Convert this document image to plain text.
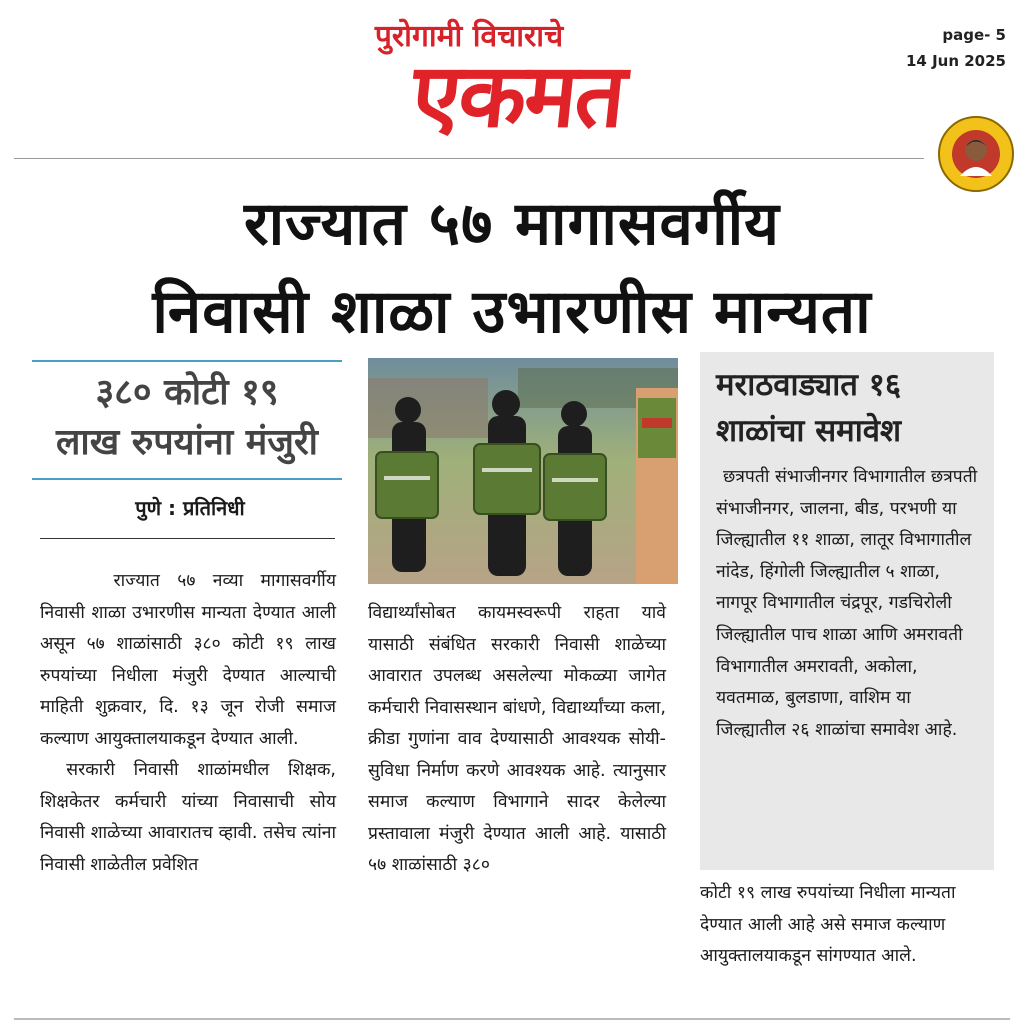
पुरोगामी विचाराचे
एकमत
page- 5
14 Jun 2025
राज्यात ५७ मागासवर्गीय
निवासी शाळा उभारणीस मान्यता
३८० कोटी १९
लाख रुपयांना मंजुरी
पुणे : प्रतिनिधी
मराठवाड्यात १६
शाळांचा समावेश

छत्रपती संभाजीनगर विभागातील छत्रपती संभाजीनगर, जालना, बीड, परभणी या जिल्ह्यातील ११ शाळा, लातूर विभागातील नांदेड, हिंगोली जिल्ह्यातील ५ शाळा, नागपूर विभागातील चंद्रपूर, गडचिरोली जिल्ह्यातील पाच शाळा आणि अमरावती विभागातील अमरावती, अकोला, यवतमाळ, बुलडाणा, वाशिम या जिल्ह्यातील २६ शाळांचा समावेश आहे.

राज्यात ५७ नव्या मागासवर्गीय निवासी शाळा उभारणीस मान्यता देण्यात आली असून ५७ शाळांसाठी ३८० कोटी १९ लाख रुपयांच्या निधीला मंजुरी देण्यात आल्याची माहिती शुक्रवार, दि. १३ जून रोजी समाज कल्याण आयुक्तालयाकडून देण्यात आली.

सरकारी निवासी शाळांमधील शिक्षक, शिक्षकेतर कर्मचारी यांच्या निवासाची सोय निवासी शाळेच्या आवारातच व्हावी. तसेच त्यांना निवासी शाळेतील प्रवेशित

विद्यार्थ्यांसोबत कायमस्वरूपी राहता यावे यासाठी संबंधित सरकारी निवासी शाळेच्या आवारात उपलब्ध असलेल्या मोकळ्या जागेत कर्मचारी निवासस्थान बांधणे, विद्यार्थ्यांच्या कला, क्रीडा गुणांना वाव देण्यासाठी आवश्यक सोयी-सुविधा निर्माण करणे आवश्यक आहे. त्यानुसार समाज कल्याण विभागाने सादर केलेल्या प्रस्तावाला मंजुरी देण्यात आली आहे. यासाठी ५७ शाळांसाठी ३८०

कोटी १९ लाख रुपयांच्या निधीला मान्यता देण्यात आली आहे असे समाज कल्याण आयुक्तालयाकडून सांगण्यात आले.
